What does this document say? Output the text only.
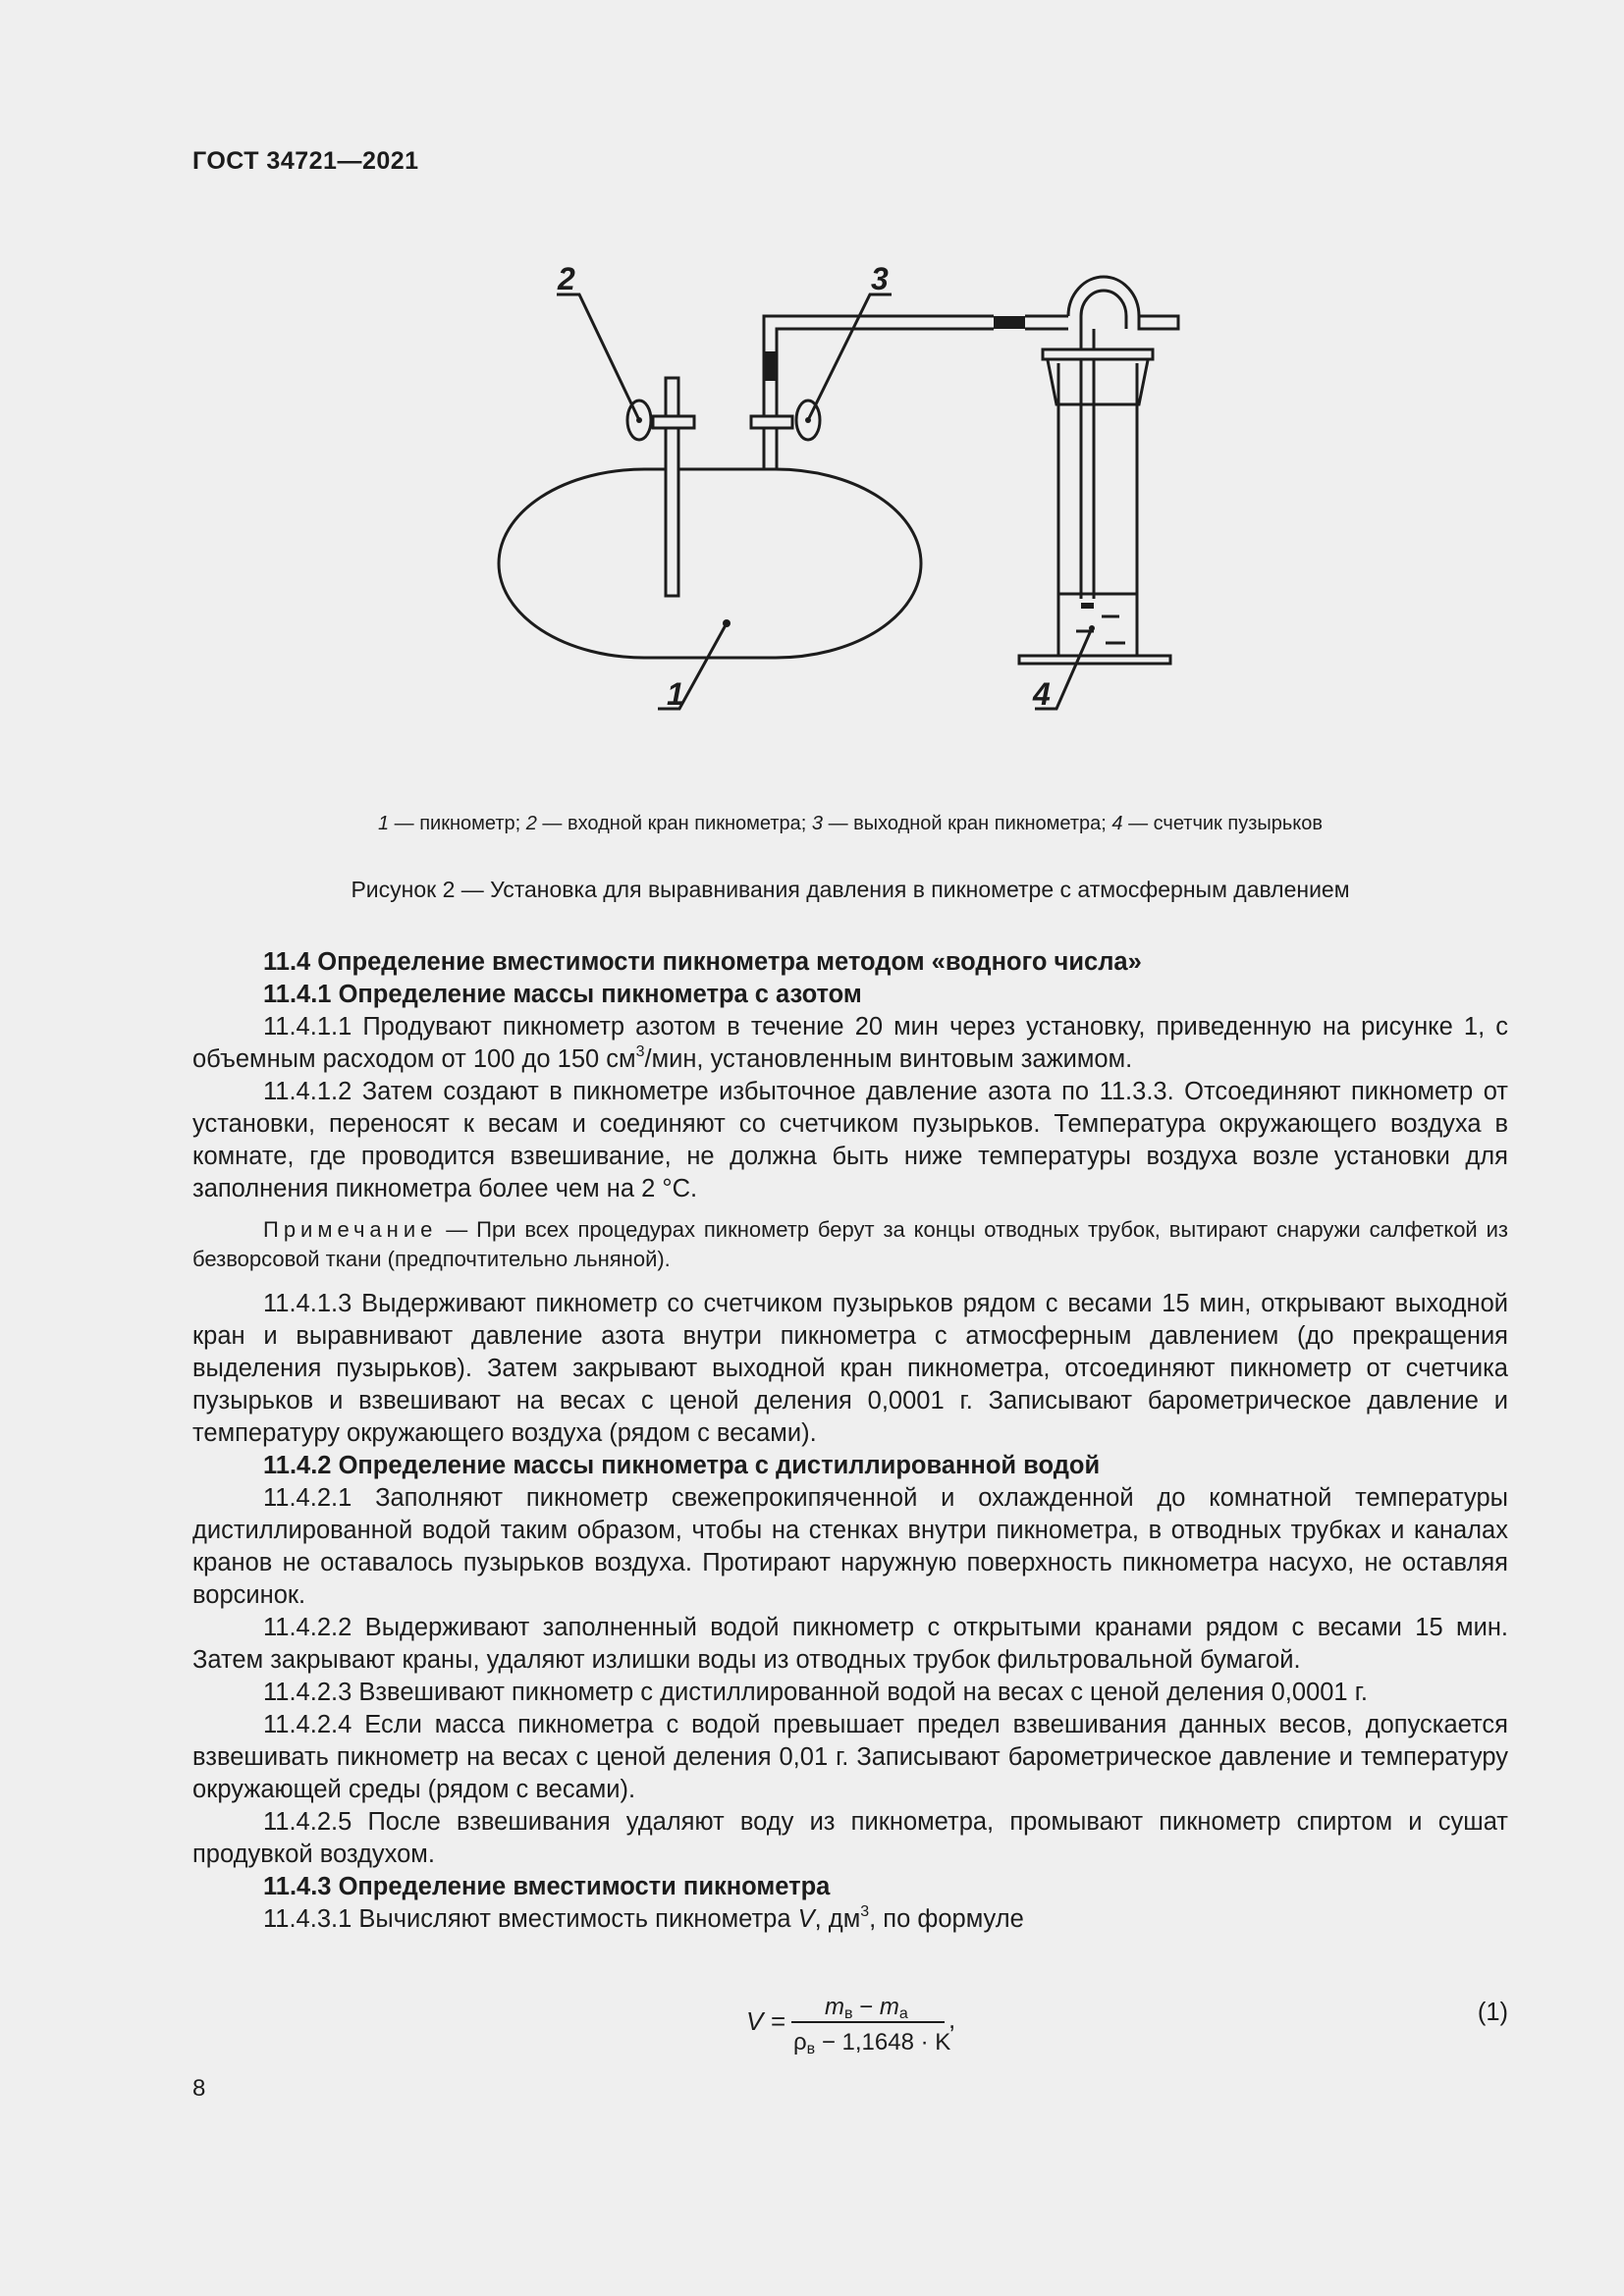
ГОСТ 34721—2021
1
2	3
4
1 — пикнометр; 2 — входной кран пикнометра; 3 — выходной кран пикнометра; 4 — счетчик пузырьков
Рисунок 2 — Установка для выравнивания давления в пикнометре с атмосферным давлением

11.4 Определение вместимости пикнометра методом «водного числа»

11.4.1 Определение массы пикнометра с азотом

11.4.1.1 Продувают пикнометр азотом в течение 20 мин через установку, приведенную на рисунке 1, с объемным расходом от 100 до 150 $см^3$/мин, установленным винтовым зажимом.

11.4.1.2 Затем создают в пикнометре избыточное давление азота по 11.3.3. Отсоединяют пикнометр от установки, переносят к весам и соединяют со счетчиком пузырьков. Температура окружающего воздуха в комнате, где проводится взвешивание, не должна быть ниже температуры воздуха возле установки для заполнения пикнометра более чем на 2 °C.

Примечание — При всех процедурах пикнометр берут за концы отводных трубок, вытирают снаружи салфеткой из безворсовой ткани (предпочтительно льняной).

11.4.1.3 Выдерживают пикнометр со счетчиком пузырьков рядом с весами 15 мин, открывают выходной кран и выравнивают давление азота внутри пикнометра с атмосферным давлением (до прекращения выделения пузырьков). Затем закрывают выходной кран пикнометра, отсоединяют пикнометр от счетчика пузырьков и взвешивают на весах с ценой деления 0,0001 г. Записывают барометрическое давление и температуру окружающего воздуха (рядом с весами).

11.4.2 Определение массы пикнометра с дистиллированной водой

11.4.2.1 Заполняют пикнометр свежепрокипяченной и охлажденной до комнатной температуры дистиллированной водой таким образом, чтобы на стенках внутри пикнометра, в отводных трубках и каналах кранов не оставалось пузырьков воздуха. Протирают наружную поверхность пикнометра насухо, не оставляя ворсинок.

11.4.2.2 Выдерживают заполненный водой пикнометр с открытыми кранами рядом с весами 15 мин. Затем закрывают краны, удаляют излишки воды из отводных трубок фильтровальной бумагой.

11.4.2.3 Взвешивают пикнометр с дистиллированной водой на весах с ценой деления 0,0001 г.

11.4.2.4 Если масса пикнометра с водой превышает предел взвешивания данных весов, допускается взвешивать пикнометр на весах с ценой деления 0,01 г. Записывают барометрическое давление и температуру окружающей среды (рядом с весами).

11.4.2.5 После взвешивания удаляют воду из пикнометра, промывают пикнометр спиртом и сушат продувкой воздухом.

11.4.3 Определение вместимости пикнометра

11.4.3.1 Вычисляют вместимость пикнометра V, $дм^3$, по формуле

V = mв − ma
ρв − 1,1648 · K
,	(1)
8
